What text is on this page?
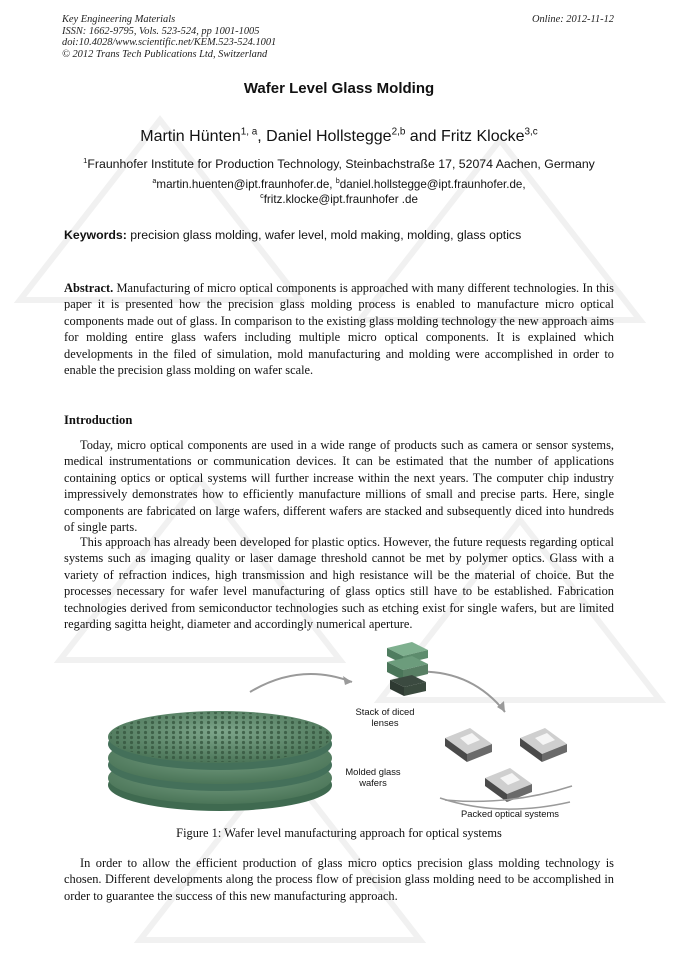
Key Engineering Materials
ISSN: 1662-9795, Vols. 523-524, pp 1001-1005
doi:10.4028/www.scientific.net/KEM.523-524.1001
© 2012 Trans Tech Publications Ltd, Switzerland
Online: 2012-11-12
Wafer Level Glass Molding
Martin Hünten$^{1, a}$, Daniel Hollstegge$^{2,b}$ and Fritz Klocke$^{3,c}$
$^1$Fraunhofer Institute for Production Technology, Steinbachstraße 17, 52074 Aachen, Germany
$^a$martin.huenten@ipt.fraunhofer.de, $^b$daniel.hollstegge@ipt.fraunhofer.de,
$^c$fritz.klocke@ipt.fraunhofer .de
Keywords: precision glass molding, wafer level, mold making, molding, glass optics

Abstract. Manufacturing of micro optical components is approached with many different technologies. In this paper it is presented how the precision glass molding process is enabled to manufacture micro optical components made out of glass. In comparison to the existing glass molding technology the new approach aims for molding entire glass wafers including multiple micro optical components. It is explained which developments in the filed of simulation, mold manufacturing and molding were accomplished in order to enable the precision glass molding on wafer scale.

Introduction

Today, micro optical components are used in a wide range of products such as camera or sensor systems, medical instrumentations or communication devices. It can be estimated that the number of applications containing optics or optical systems will further increase within the next years. The computer chip industry impressively demonstrates how to efficiently manufacture millions of small and precise parts. Here, single components are fabricated on large wafers, different wafers are stacked and subsequently diced into hundreds of single parts.

This approach has already been developed for plastic optics. However, the future requests regarding optical systems such as imaging quality or laser damage threshold cannot be met by polymer optics. Glass with a variety of refraction indices, high transmission and high resistance will be the material of choice. But the processes necessary for wafer level manufacturing of glass optics still have to be established. Fabrication technologies derived from semiconductor technologies such as etching exist for single wafers, but are limited regarding sagitta height, diameter and accordingly numerical aperture.

Stack of diced lenses
Molded glass wafers
Packed optical systems
Figure 1: Wafer level manufacturing approach for optical systems

In order to allow the efficient production of glass micro optics precision glass molding technology is chosen. Different developments along the process flow of precision glass molding need to be accomplished in order to guarantee the success of this new manufacturing approach.
